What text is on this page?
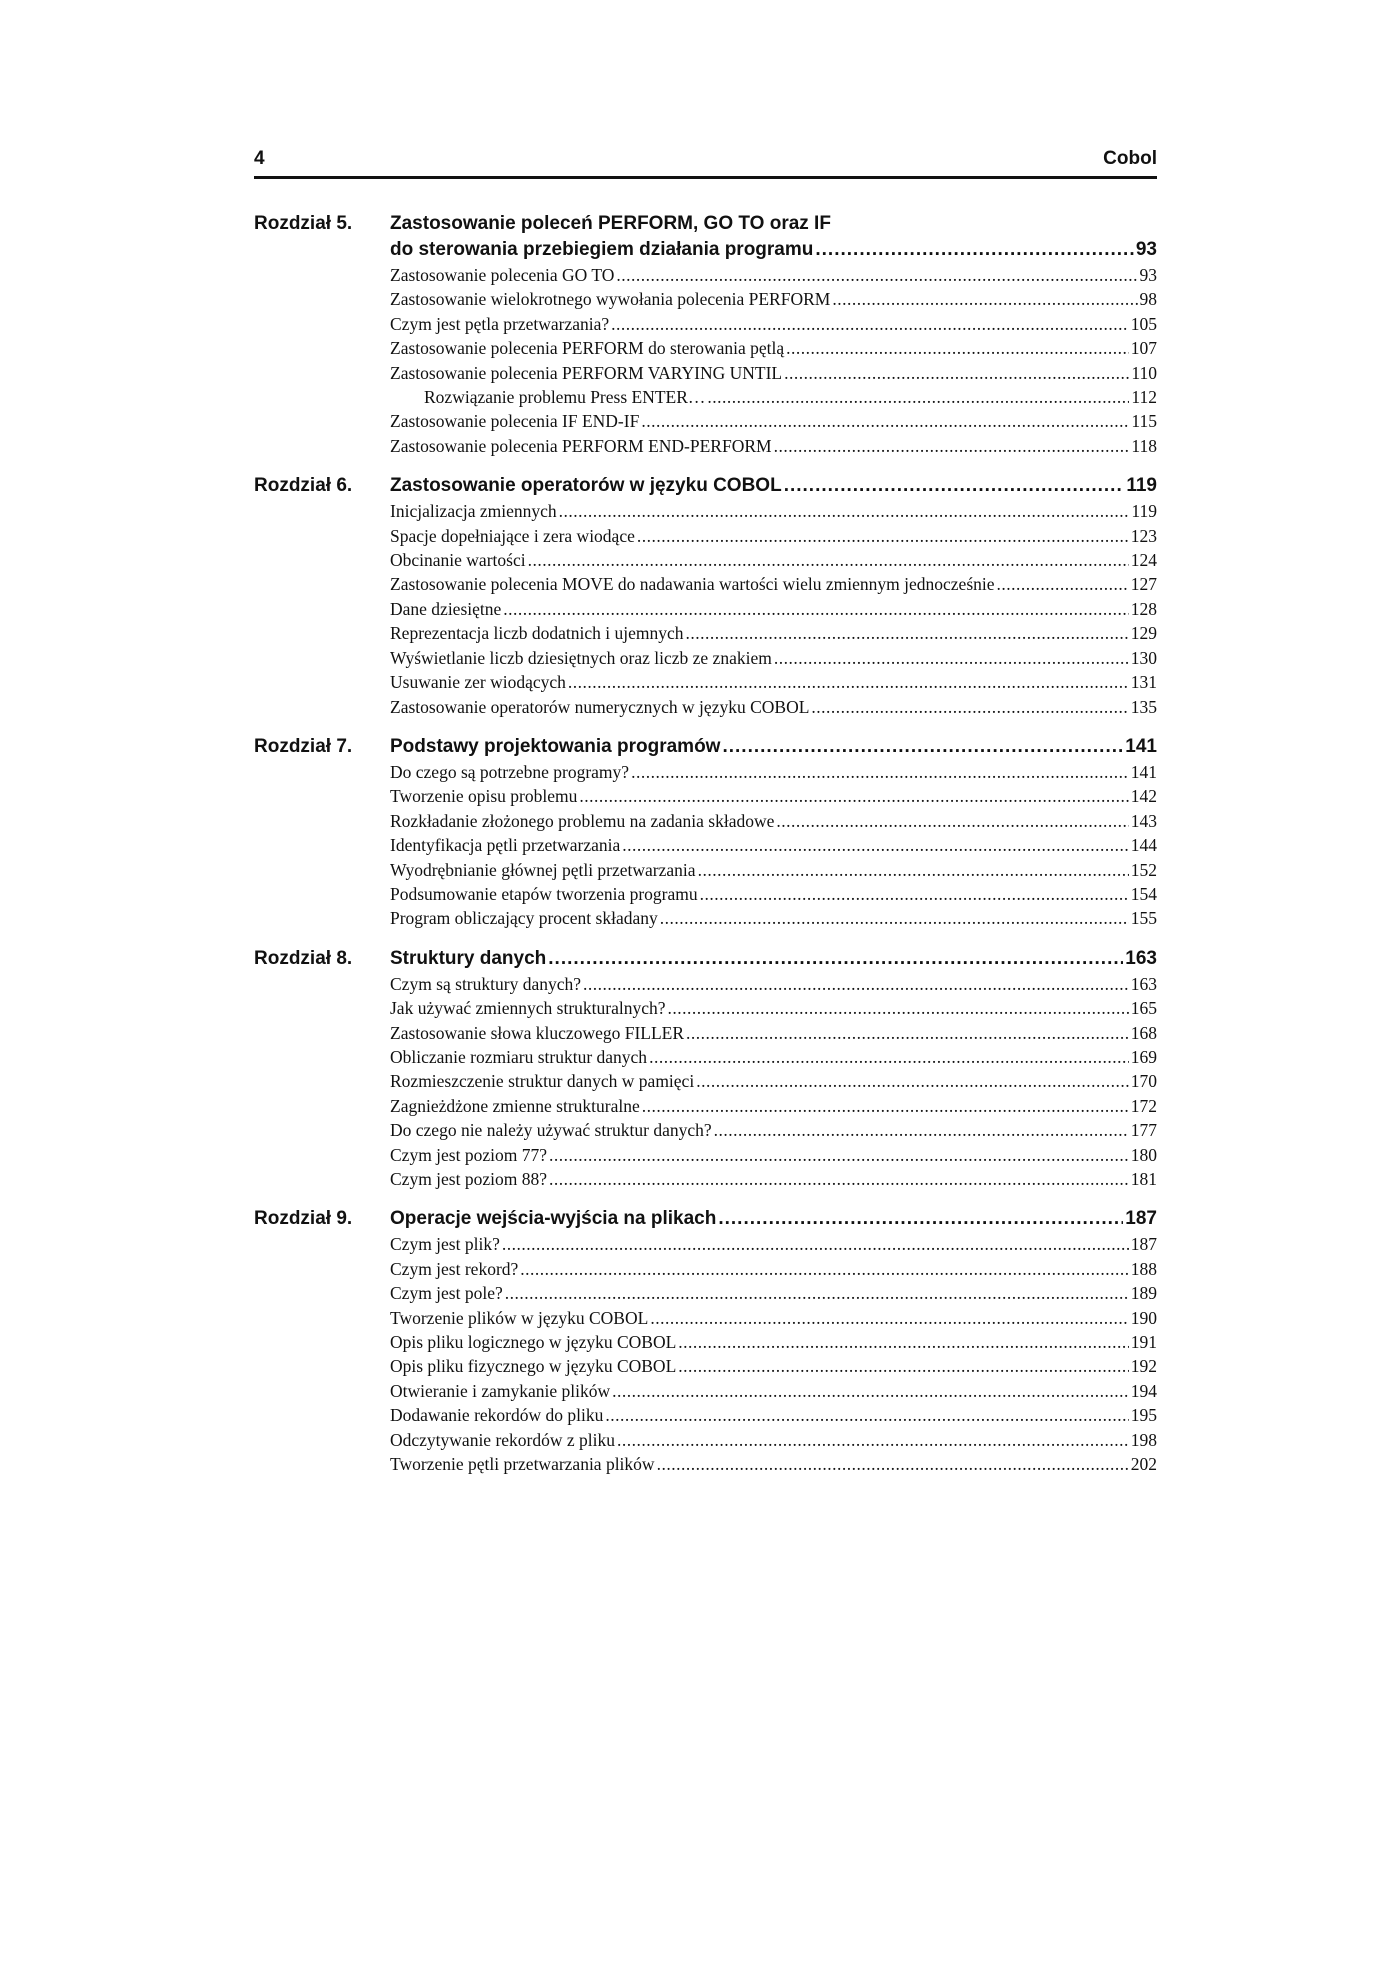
4	Cobol
Rozdział 5.	Zastosowanie poleceń PERFORM, GO TO oraz IF
do sterowania przebiegiem działania programu .....	93
Zastosowanie polecenia GO TO .....	93
Zastosowanie wielokrotnego wywołania polecenia PERFORM .....	98
Czym jest pętla przetwarzania? .....	105
Zastosowanie polecenia PERFORM do sterowania pętlą .....	107
Zastosowanie polecenia PERFORM VARYING UNTIL .....	110
Rozwiązanie problemu Press ENTER… .....	112
Zastosowanie polecenia IF END-IF .....	115
Zastosowanie polecenia PERFORM END-PERFORM .....	118
Rozdział 6.	Zastosowanie operatorów w języku COBOL .....	119
Inicjalizacja zmiennych .....	119
Spacje dopełniające i zera wiodące .....	123
Obcinanie wartości .....	124
Zastosowanie polecenia MOVE do nadawania wartości wielu zmiennym jednocześnie .....	127
Dane dziesiętne .....	128
Reprezentacja liczb dodatnich i ujemnych .....	129
Wyświetlanie liczb dziesiętnych oraz liczb ze znakiem .....	130
Usuwanie zer wiodących .....	131
Zastosowanie operatorów numerycznych w języku COBOL .....	135
Rozdział 7.	Podstawy projektowania programów .....	141
Do czego są potrzebne programy? .....	141
Tworzenie opisu problemu .....	142
Rozkładanie złożonego problemu na zadania składowe .....	143
Identyfikacja pętli przetwarzania .....	144
Wyodrębnianie głównej pętli przetwarzania .....	152
Podsumowanie etapów tworzenia programu .....	154
Program obliczający procent składany .....	155
Rozdział 8.	Struktury danych .....	163
Czym są struktury danych? .....	163
Jak używać zmiennych strukturalnych? .....	165
Zastosowanie słowa kluczowego FILLER .....	168
Obliczanie rozmiaru struktur danych .....	169
Rozmieszczenie struktur danych w pamięci .....	170
Zagnieżdżone zmienne strukturalne .....	172
Do czego nie należy używać struktur danych? .....	177
Czym jest poziom 77? .....	180
Czym jest poziom 88? .....	181
Rozdział 9.	Operacje wejścia-wyjścia na plikach .....	187
Czym jest plik? .....	187
Czym jest rekord? .....	188
Czym jest pole? .....	189
Tworzenie plików w języku COBOL .....	190
Opis pliku logicznego w języku COBOL .....	191
Opis pliku fizycznego w języku COBOL .....	192
Otwieranie i zamykanie plików .....	194
Dodawanie rekordów do pliku .....	195
Odczytywanie rekordów z pliku .....	198
Tworzenie pętli przetwarzania plików .....	202
